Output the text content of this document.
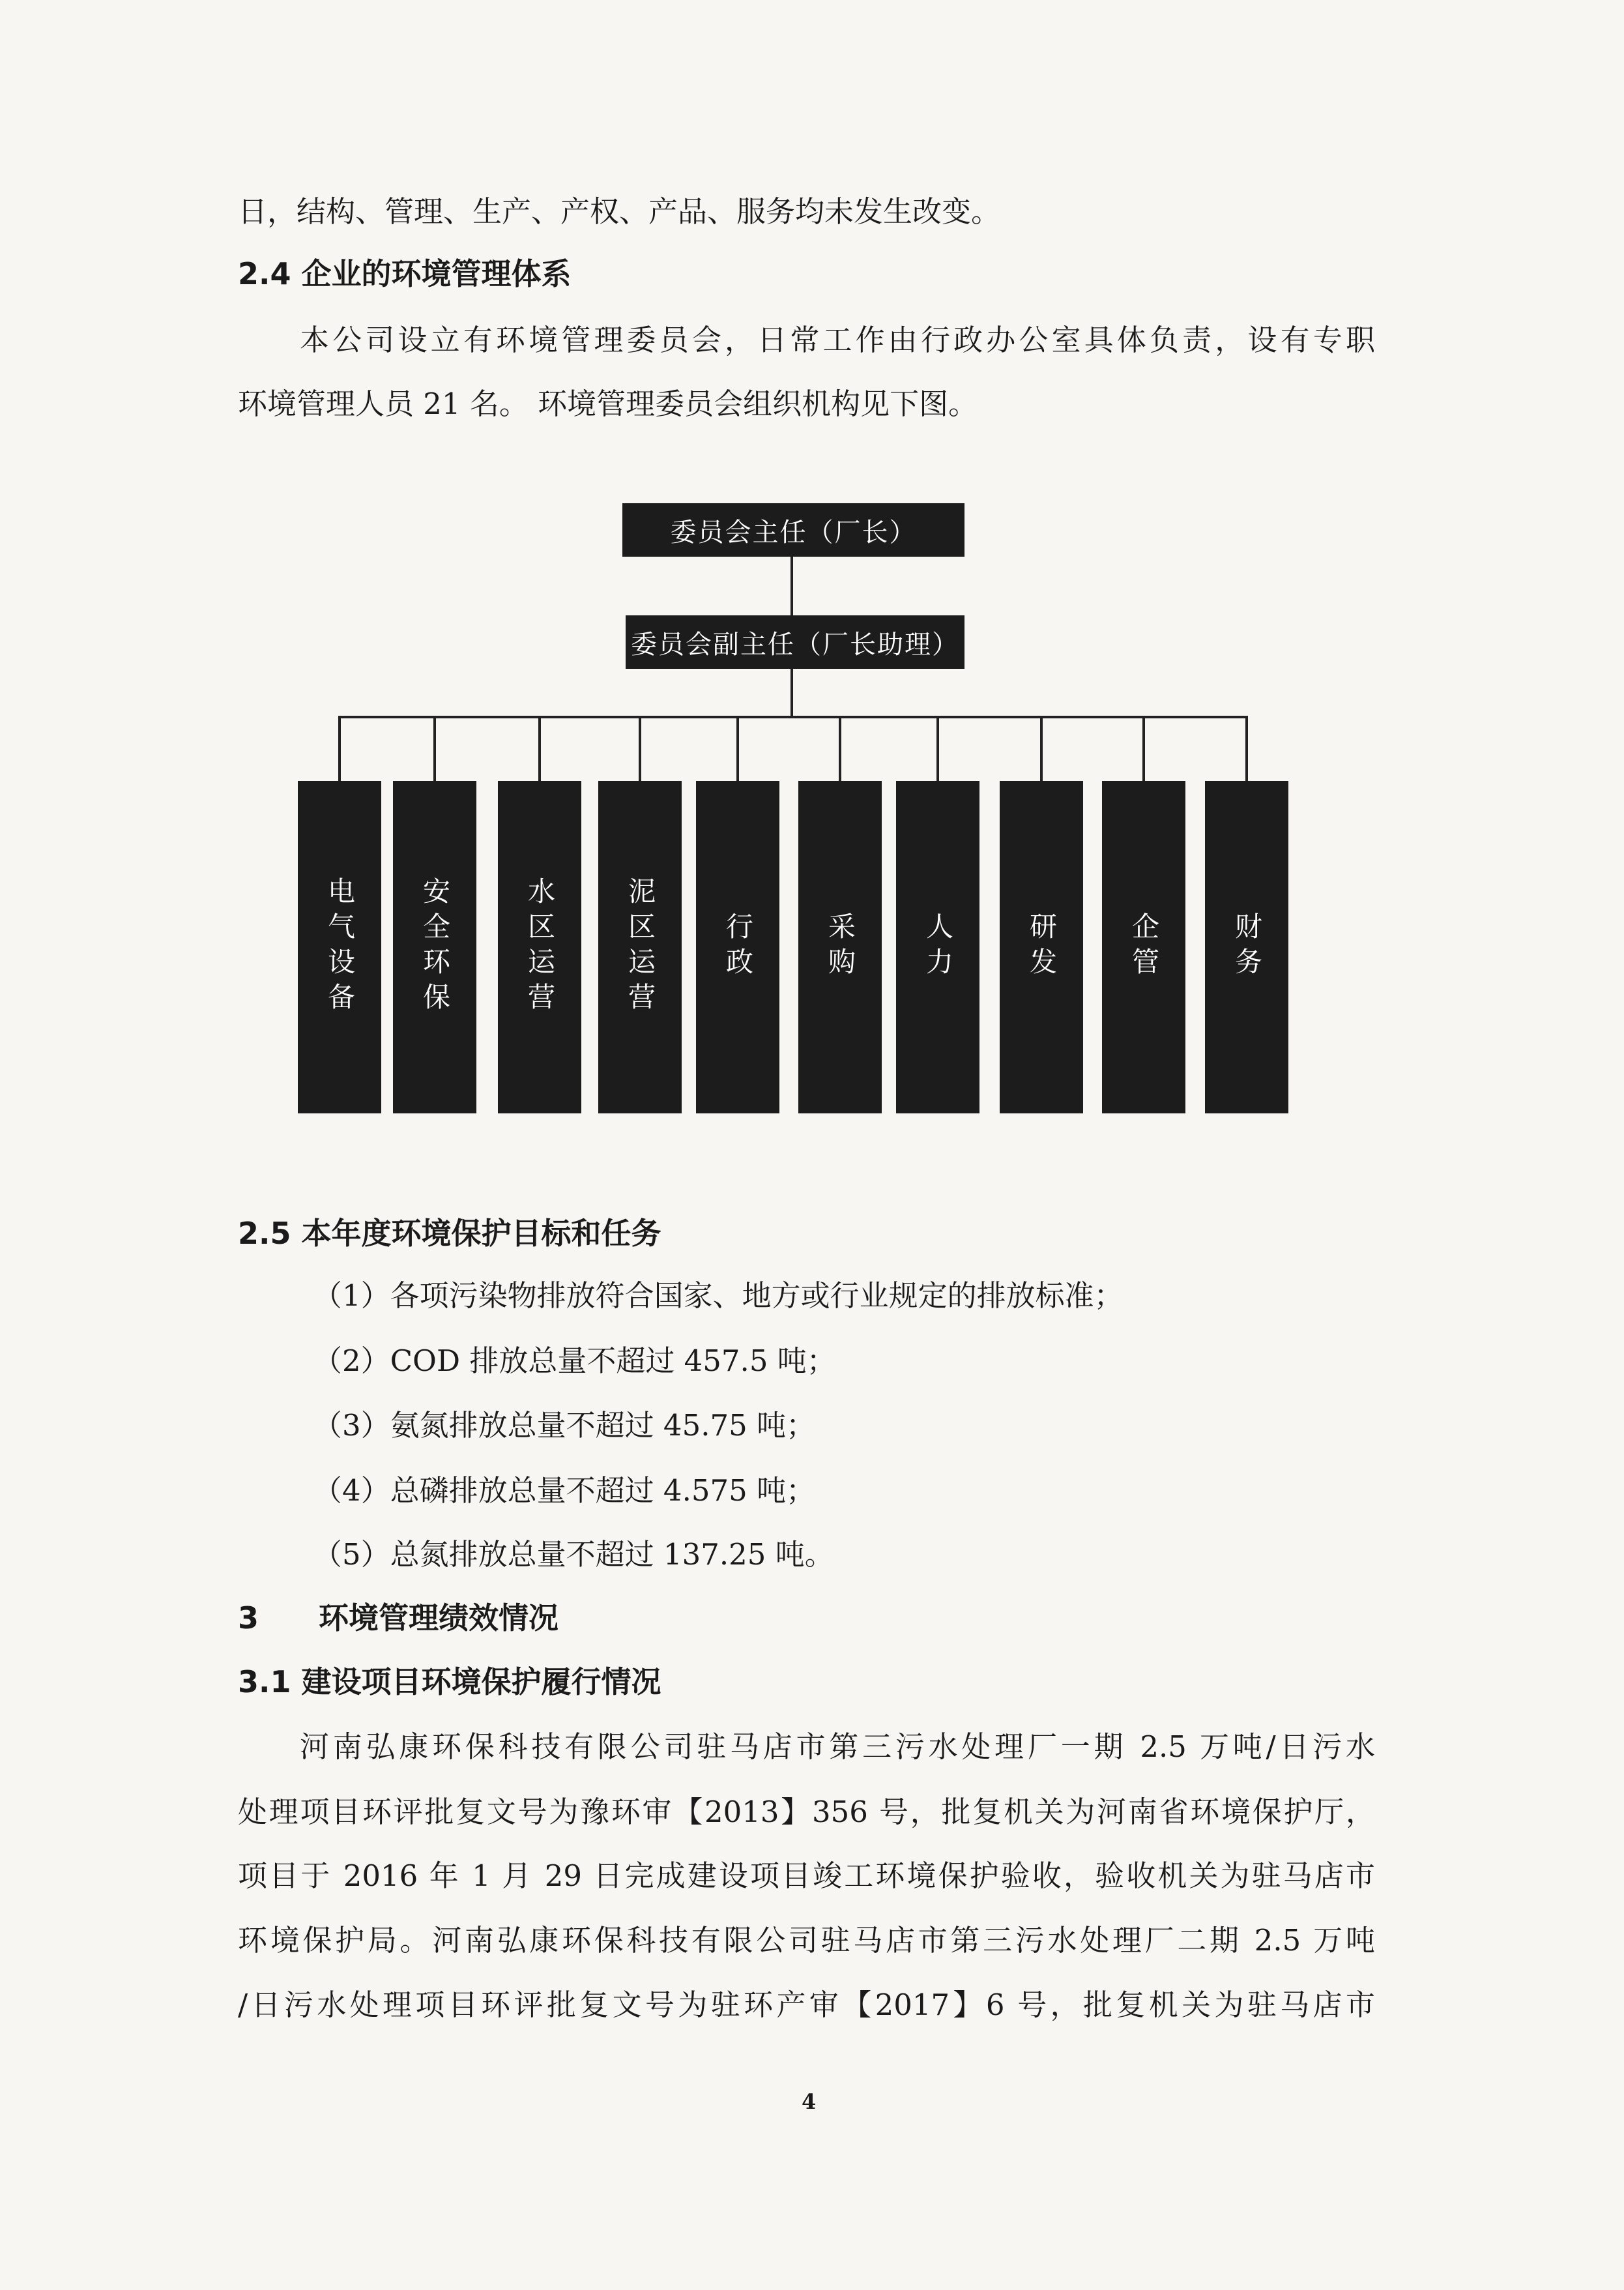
日，结构、管理、生产、产权、产品、服务均未发生改变。
2.4 企业的环境管理体系
本公司设立有环境管理委员会，日常工作由行政办公室具体负责，设有专职
环境管理人员 21 名。 环境管理委员会组织机构见下图。
委员会主任（厂长）
委员会副主任（厂长助理）
电气设备 安全环保	水区运营	泥区运营 行政	采购 人力	研发	企管	财务
2.5 本年度环境保护目标和任务
（1）各项污染物排放符合国家、地方或行业规定的排放标准；
（2）COD 排放总量不超过 457.5 吨；
（3）氨氮排放总量不超过 45.75 吨；
（4）总磷排放总量不超过 4.575 吨；
（5）总氮排放总量不超过 137.25 吨。
3　　环境管理绩效情况
3.1 建设项目环境保护履行情况
河南弘康环保科技有限公司驻马店市第三污水处理厂一期 2.5 万吨/日污水
处理项目环评批复文号为豫环审【2013】356 号，批复机关为河南省环境保护厅，
项目于 2016 年 1 月 29 日完成建设项目竣工环境保护验收，验收机关为驻马店市
环境保护局。河南弘康环保科技有限公司驻马店市第三污水处理厂二期 2.5 万吨
/日污水处理项目环评批复文号为驻环产审【2017】6 号，批复机关为驻马店市
4
